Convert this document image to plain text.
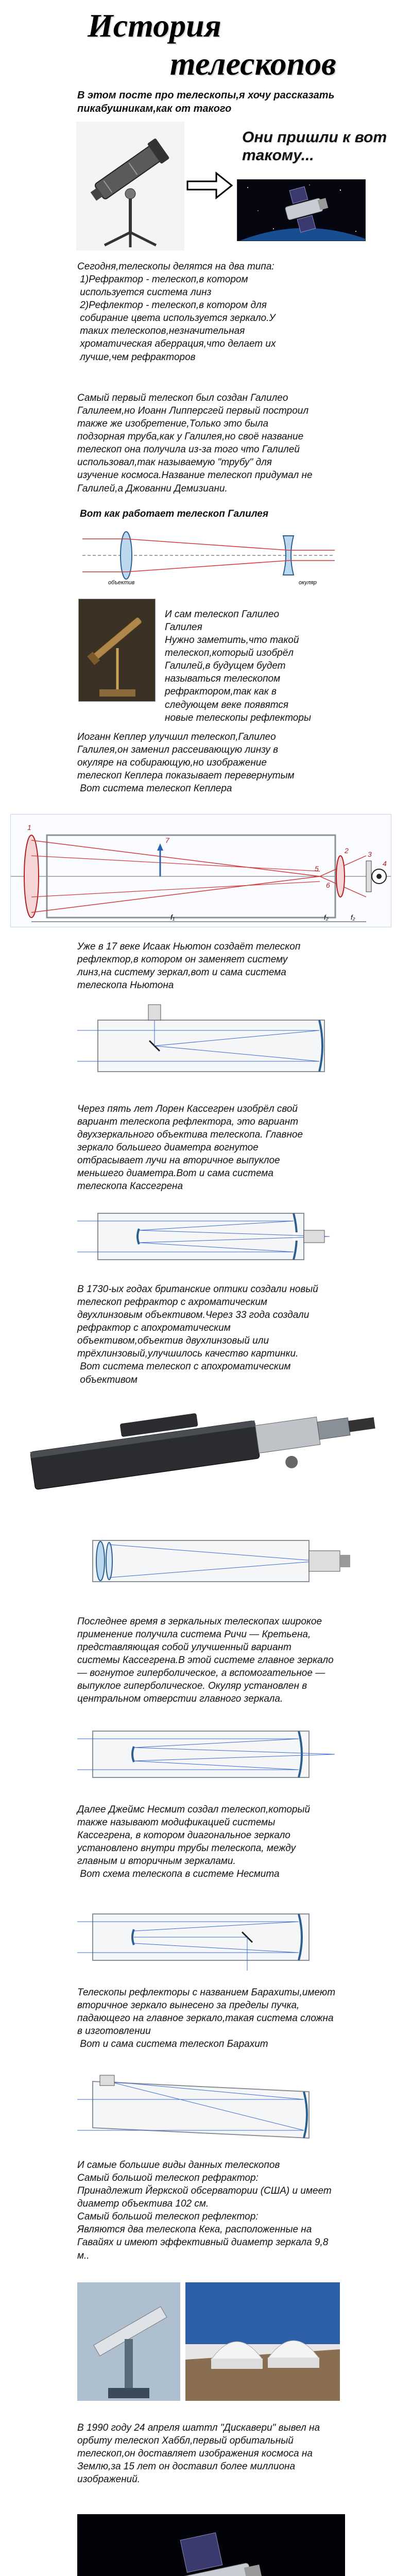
История
телескопов
В этом посте про телескопы,я хочу рассказать
пикабушникам,как от такого
Они пришли к вот такому...
Сегодня,телескопы делятся на два типа:
1)Рефрактор - телескоп,в котором
используется система линз
2)Рефлектор - телескоп,в котором для
собирание цвета используется зеркало.У
таких телескопов,незначительная
хроматическая аберрация,что делает их
лучше,чем рефракторов
Самый первый телескоп был создан Галилео
Галилеем,но Иоанн Липперсгей первый построил
также же изобретение,Только это была
подзорная труба,как у Галилея,но своё название
телескоп она получила из-за того что Галилей
использовал,так называемую "трубу" для
изучение космоса.Название телескоп придумал не
Галилей,а Джованни Демизиани.
Вот как работает телескоп Галилея
объектив	окуляр
И сам телескоп Галилео
Галилея
Нужно заметить,что такой
телескоп,который изобрёл
Галилей,в будущем будет
называться телескопом
рефрактором,так как в
следующем веке появятся
новые телескопы рефлекторы
Иоганн Кеплер улучшил телескоп,Галилео
Галилея,он заменил рассеивающую линзу в
окуляре на собирающую,но изображение
телескоп Кеплера показывает перевернутым
Вот система телескоп Кеплера
1
2	3
4
5
6
7
f₁	f₂	f₂
Уже в 17 веке Исаак Ньютон создаёт телескоп
рефлектор,в котором он заменяет систему
линз,на систему зеркал,вот и сама система
телескопа Ньютона
Через пять лет Лорен Кассегрен изобрёл свой
вариант телескопа рефлектора, это вариант
двухзеркального объектива телескопа. Главное
зеркало большего диаметра вогнутое
отбрасывает лучи на вторичное выпуклое
меньшего диаметра.Вот и сама система
телескопа Кассегрена
В 1730-ых годах британские оптики создали новый
телескоп рефрактор с ахроматическим
двухлинзовым объективом.Через 33 года создали
рефрактор с апохроматическим
объективом,объектив двухлинзовый или
трёхлинзовый,улучшилось качество картинки.
Вот система телескоп с апохроматическим
объективом
Последнее время в зеркальных телескопах широкое
применение получила система Ричи — Кретьена,
представляющая собой улучшенный вариант
системы Кассегрена.В этой системе главное зеркало
— вогнутое гиперболическое, а вспомогательное —
выпуклое гиперболическое. Окуляр установлен в
центральном отверстии главного зеркала.
Далее Джеймс Несмит создал телескоп,который
также называют модификацией системы
Кассегрена, в котором диагональное зеркало
установлено внутри трубы телескопа, между
главным и вторичным зеркалами.
Вот схема телескопа в системе Несмита
Телескопы рефлекторы с названием Барахиты,имеют
вторичное зеркало вынесено за пределы пучка,
падающего на главное зеркало,такая система сложна
в изготовлении
Вот и сама система телескоп Барахит
И самые большие виды данных телескопов
Самый большой телескоп рефрактор:
Принадлежит Йеркской обсерватории (США) и имеет
диаметр объектива 102 см.
Самый большой телескоп рефлектор:
Являются два телескопа Кека, расположенные на
Гавайях и имеют эффективный диаметр зеркала 9,8
м..
В 1990 году 24 апреля шаттл "Дискавери" вывел на
орбиту телескоп Хаббл,первый орбитальный
телескоп,он доставляет изображения космоса на
Землю,за 15 лет он доставил более миллиона
изображений.
